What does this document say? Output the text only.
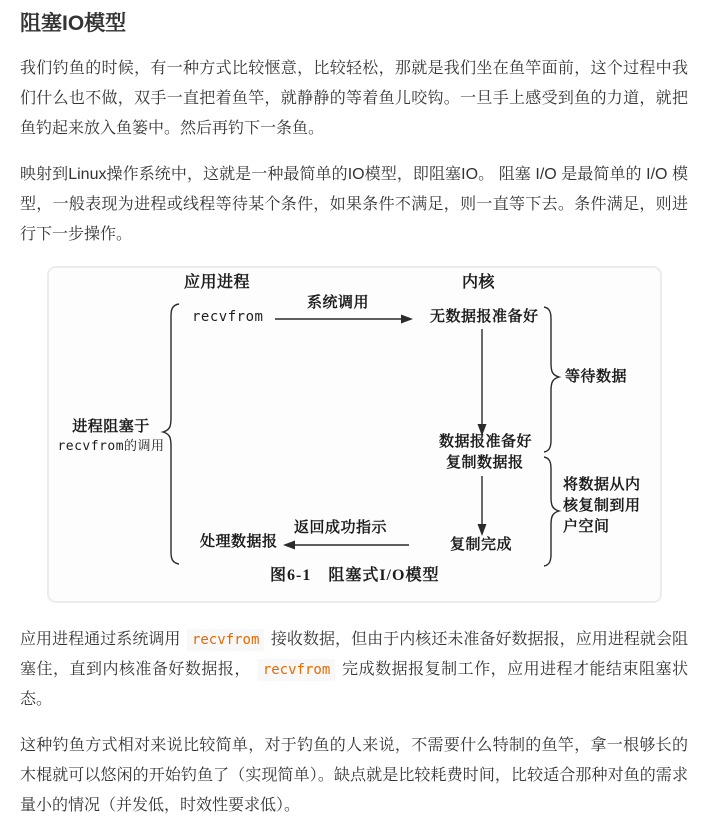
阻塞IO模型

我们钓鱼的时候，有一种方式比较惬意，比较轻松，那就是我们坐在鱼竿面前，这个过程中我们什么也不做，双手一直把着鱼竿，就静静的等着鱼儿咬钩。一旦手上感受到鱼的力道，就把鱼钓起来放入鱼篓中。然后再钓下一条鱼。

映射到Linux操作系统中，这就是一种最简单的IO模型，即阻塞IO。 阻塞 I/O 是最简单的 I/O 模型，一般表现为进程或线程等待某个条件，如果条件不满足，则一直等下去。条件满足，则进行下一步操作。

应用进程	内核
recvfrom
系统调用
无数据报准备好
数据报准备好
复制数据报
复制完成
处理数据报
返回成功指示
等待数据
将数据从内核复制到用户空间
进程阻塞于
recvfrom的调用
图6-1　阻塞式I/O模型

应用进程通过系统调用 recvfrom 接收数据，但由于内核还未准备好数据报，应用进程就会阻塞住，直到内核准备好数据报， recvfrom 完成数据报复制工作，应用进程才能结束阻塞状态。

这种钓鱼方式相对来说比较简单，对于钓鱼的人来说，不需要什么特制的鱼竿，拿一根够长的木棍就可以悠闲的开始钓鱼了（实现简单）。缺点就是比较耗费时间，比较适合那种对鱼的需求量小的情况（并发低，时效性要求低）。
